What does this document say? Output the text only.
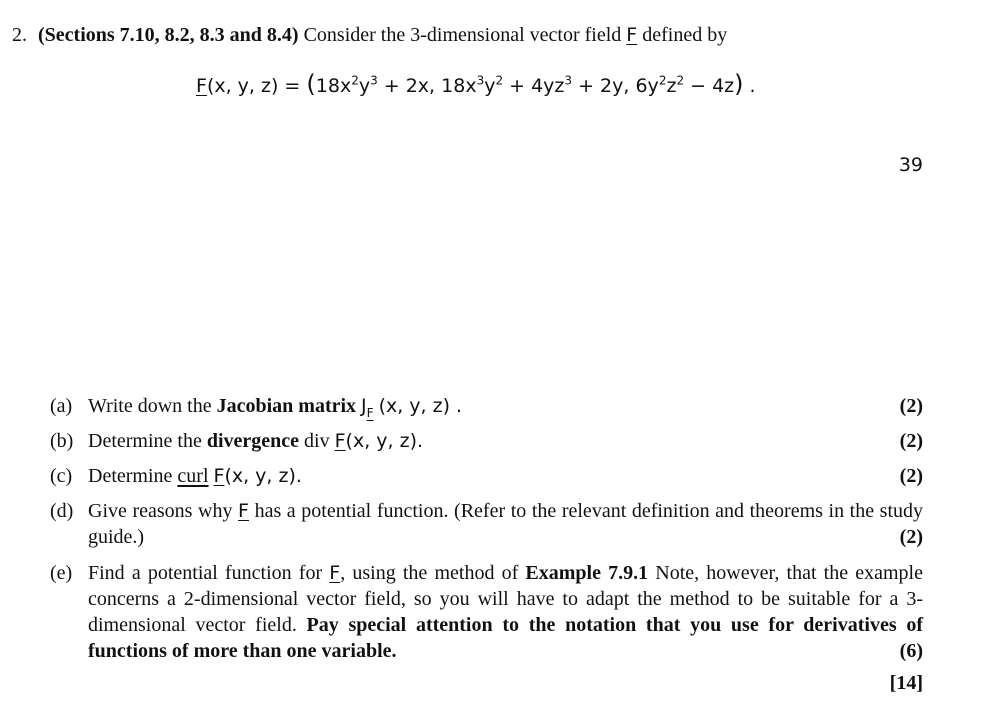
2. (Sections 7.10, 8.2, 8.3 and 8.4) Consider the 3-dimensional vector field F defined by
F(x, y, $z) = (18x^2y^3 + 2x$, $18x^3y^2 + 4yz^3 + 2y$, $6y^2z^2 - 4z$) .
39
(a) Write down the Jacobian matrix $J_F$ (x, y, z) .	(2)
(b) Determine the divergence div F(x, y, z).	(2)
(c) Determine curl F(x, y, z).	(2)
(d) Give reasons why F has a potential function. (Refer to the relevant definition and theorems in the study guide.)	(2)
(e) Find a potential function for F, using the method of Example 7.9.1 Note, however, that the example concerns a 2-dimensional vector field, so you will have to adapt the method to be suitable for a 3-dimensional vector field. Pay special attention to the notation that you use for derivatives of functions of more than one variable.	(6)
[14]
